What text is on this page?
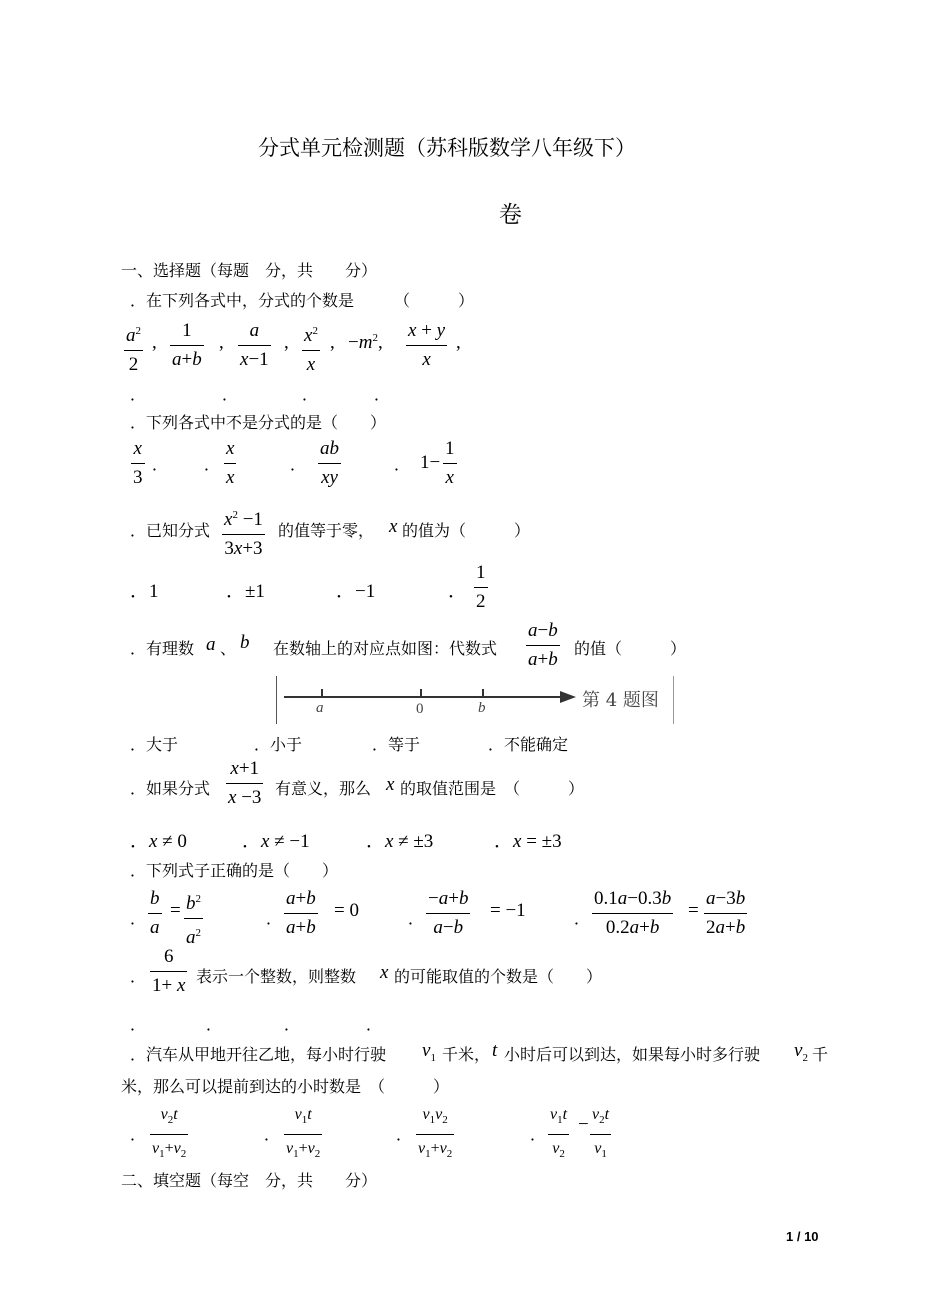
分式单元检测题（苏科版数学八年级下）
卷
一、选择题（每题　分，共　　分）
．在下列各式中，分式的个数是　　　（　　　）
$a^2$
2
,
1
a+b
,
a
x−1
, $x^2$
x
, $-m^2$,
x + y
x
,
．	．	．	．
．下列各式中不是分式的是（　　）
x
3
． ．
x
x
．
ab
xy
． 1−
1
x
．已知分式
$x^2 -1$
3x+3
的值等于零， x 的值为（　　　）
．1	．±1	．−1	．
1
2
．有理数 a 、 b 在数轴上的对应点如图：代数式
a−b
a+b
的值（　　　）
a	0	b	第 4 题图
．大于	．小于	．等于	．不能确定
．如果分式
x+1
x −3 有意义，那么 x 的取值范围是　（　　　）
．x ≠ 0	．x ≠ −1	．x ≠ ±3	．x = ±3
．下列式子正确的是（　　）
．
b
a
= $b^2$
$a^2$
．
a+b
a+b
= 0	．
−a+b
a−b
= −1	．
0.1a−0.3b
0.2a+b
=
a−3b
2a+b
．
6
1+ x 表示一个整数，则整数 x 的可能取值的个数是（　　）
．	．	．	．
．汽车从甲地开往乙地，每小时行驶 $v_1$ 千米， t 小时后可以到达，如果每小时多行驶 $v_2$ 千
米，那么可以提前到达的小时数是　（　　　）
．
$v_2t$
$v_1+v_2$
．
$v_1t$
$v_1+v_2$
．
$v_1v_2$
$v_1+v_2$
．
$v_1t$
$v_2$
− $v_2t$
$v_1$
二、填空题（每空　分，共　　分）
1 / 10
